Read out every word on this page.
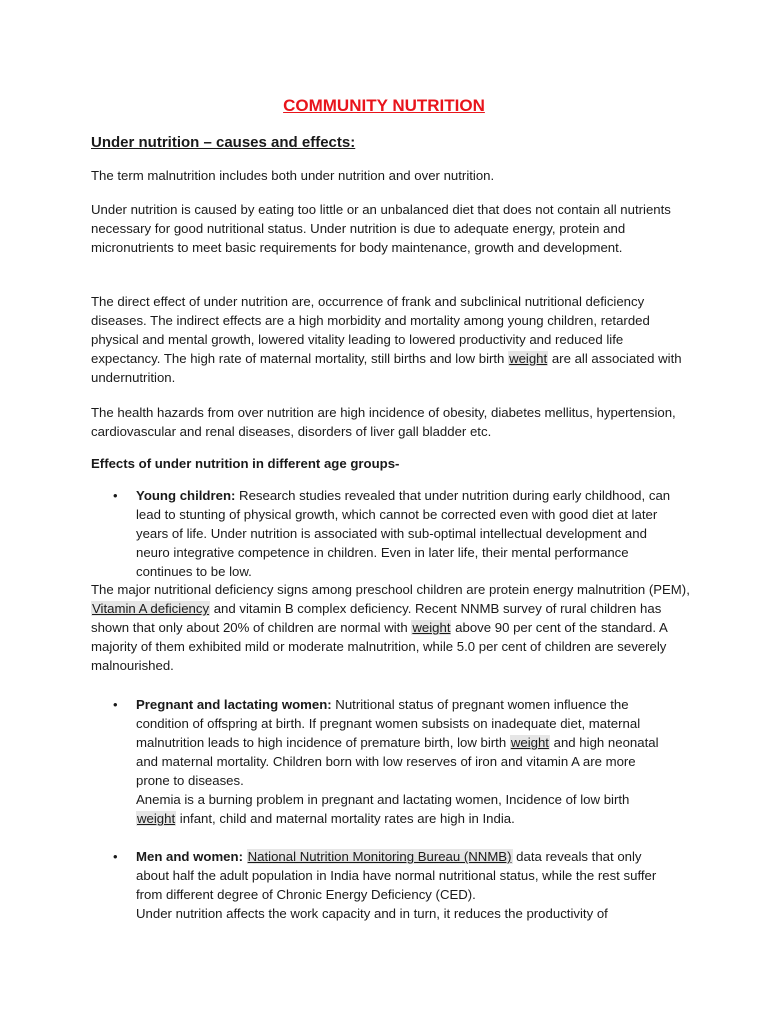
COMMUNITY NUTRITION
Under nutrition – causes and effects:
The term malnutrition includes both under nutrition and over nutrition.
Under nutrition is caused by eating too little or an unbalanced diet that does not contain all nutrients necessary for good nutritional status. Under nutrition is due to adequate energy, protein and micronutrients to meet basic requirements for body maintenance, growth and development.
The direct effect of under nutrition are, occurrence of frank and subclinical nutritional deficiency diseases. The indirect effects are a high morbidity and mortality among young children, retarded physical and mental growth, lowered vitality leading to lowered productivity and reduced life expectancy. The high rate of maternal mortality, still births and low birth weight are all associated with undernutrition.
The health hazards from over nutrition are high incidence of obesity, diabetes mellitus, hypertension, cardiovascular and renal diseases, disorders of liver gall bladder etc.
Effects of under nutrition in different age groups-
• Young children: Research studies revealed that under nutrition during early childhood, can lead to stunting of physical growth, which cannot be corrected even with good diet at later years of life. Under nutrition is associated with sub-optimal intellectual development and neuro integrative competence in children. Even in later life, their mental performance continues to be low.
The major nutritional deficiency signs among preschool children are protein energy malnutrition (PEM), Vitamin A deficiency and vitamin B complex deficiency. Recent NNMB survey of rural children has shown that only about 20% of children are normal with weight above 90 per cent of the standard. A majority of them exhibited mild or moderate malnutrition, while 5.0 per cent of children are severely malnourished.
• Pregnant and lactating women: Nutritional status of pregnant women influence the condition of offspring at birth. If pregnant women subsists on inadequate diet, maternal malnutrition leads to high incidence of premature birth, low birth weight and high neonatal and maternal mortality. Children born with low reserves of iron and vitamin A are more prone to diseases.
Anemia is a burning problem in pregnant and lactating women, Incidence of low birth weight infant, child and maternal mortality rates are high in India.
• Men and women: National Nutrition Monitoring Bureau (NNMB) data reveals that only about half the adult population in India have normal nutritional status, while the rest suffer from different degree of Chronic Energy Deficiency (CED).
Under nutrition affects the work capacity and in turn, it reduces the productivity of
